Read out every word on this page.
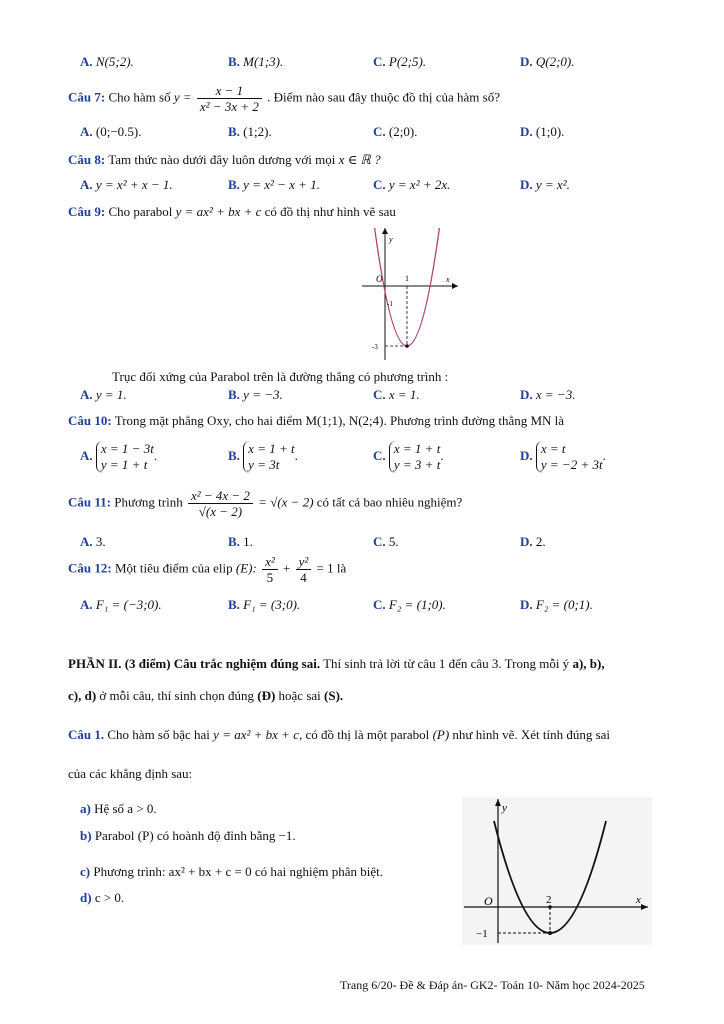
A. N(5;2).	B. M(1;3).	C. P(2;5).	D. Q(2;0).
Câu 7: Cho hàm số $y = \frac{x - 1}{\text{x² − 3x + 2}}$ . Điểm nào sau đây thuộc đồ thị của hàm số?
A. (0;−0.5).	B. (1;2).	C. (2;0).	D. (1;0).
Câu 8: Tam thức nào dưới đây luôn dương với mọi x ∈ ℝ ?
A. y = x² + x − 1.	B. y = x² − x + 1.	C. y = x² + 2x.	D. y = x².
Câu 9: Cho parabol y = ax² + bx + c có đồ thị như hình vẽ sau
y
x
O	1
-1
-3
Trục đối xứng của Parabol trên là đường thẳng có phương trình :
A. y = 1.	B. y = −3.	C. x = 1.	D. x = −3.
Câu 10: Trong mặt phẳng Oxy, cho hai điểm M(1;1), N(2;4). Phương trình đường thẳng MN là
A. x = 1 − 3t
y = 1 + t
.	B. x = 1 + t
y = 3t
.	C. x = 1 + t
y = 3 + t
.	D. x = t
y = −2 + 3t
.
Câu 11: Phương trình $\frac{\text{x² − 4x − 2}}{√(x - 2)} = √(x - 2)$ có tất cả bao nhiêu nghiệm?
A. 3.	B. 1.	C. 5.	D. 2.
Câu 12: Một tiêu điểm của elip (E): $\frac{\text{x²}}{5} + \frac{\text{y²}}{4} = 1$ là
A. F₁ = (−3;0).	B. F₁ = (3;0).	C. F₂ = (1;0).	D. F₂ = (0;1).
PHẦN II. (3 điểm) Câu trắc nghiệm đúng sai. Thí sinh trả lời từ câu 1 đến câu 3. Trong mỗi ý a), b),
c), d) ở mỗi câu, thí sinh chọn đúng (Đ) hoặc sai (S).
Câu 1. Cho hàm số bậc hai y = ax² + bx + c, có đồ thị là một parabol (P) như hình vẽ. Xét tính đúng sai
của các khẳng định sau:
a) Hệ số a > 0.
b) Parabol (P) có hoành độ đỉnh bằng −1.
c) Phương trình: ax² + bx + c = 0 có hai nghiệm phân biệt.
d) c > 0.
y
x
O	2
−1
Trang 6/20- Đề & Đáp án- GK2- Toán 10- Năm học 2024-2025
